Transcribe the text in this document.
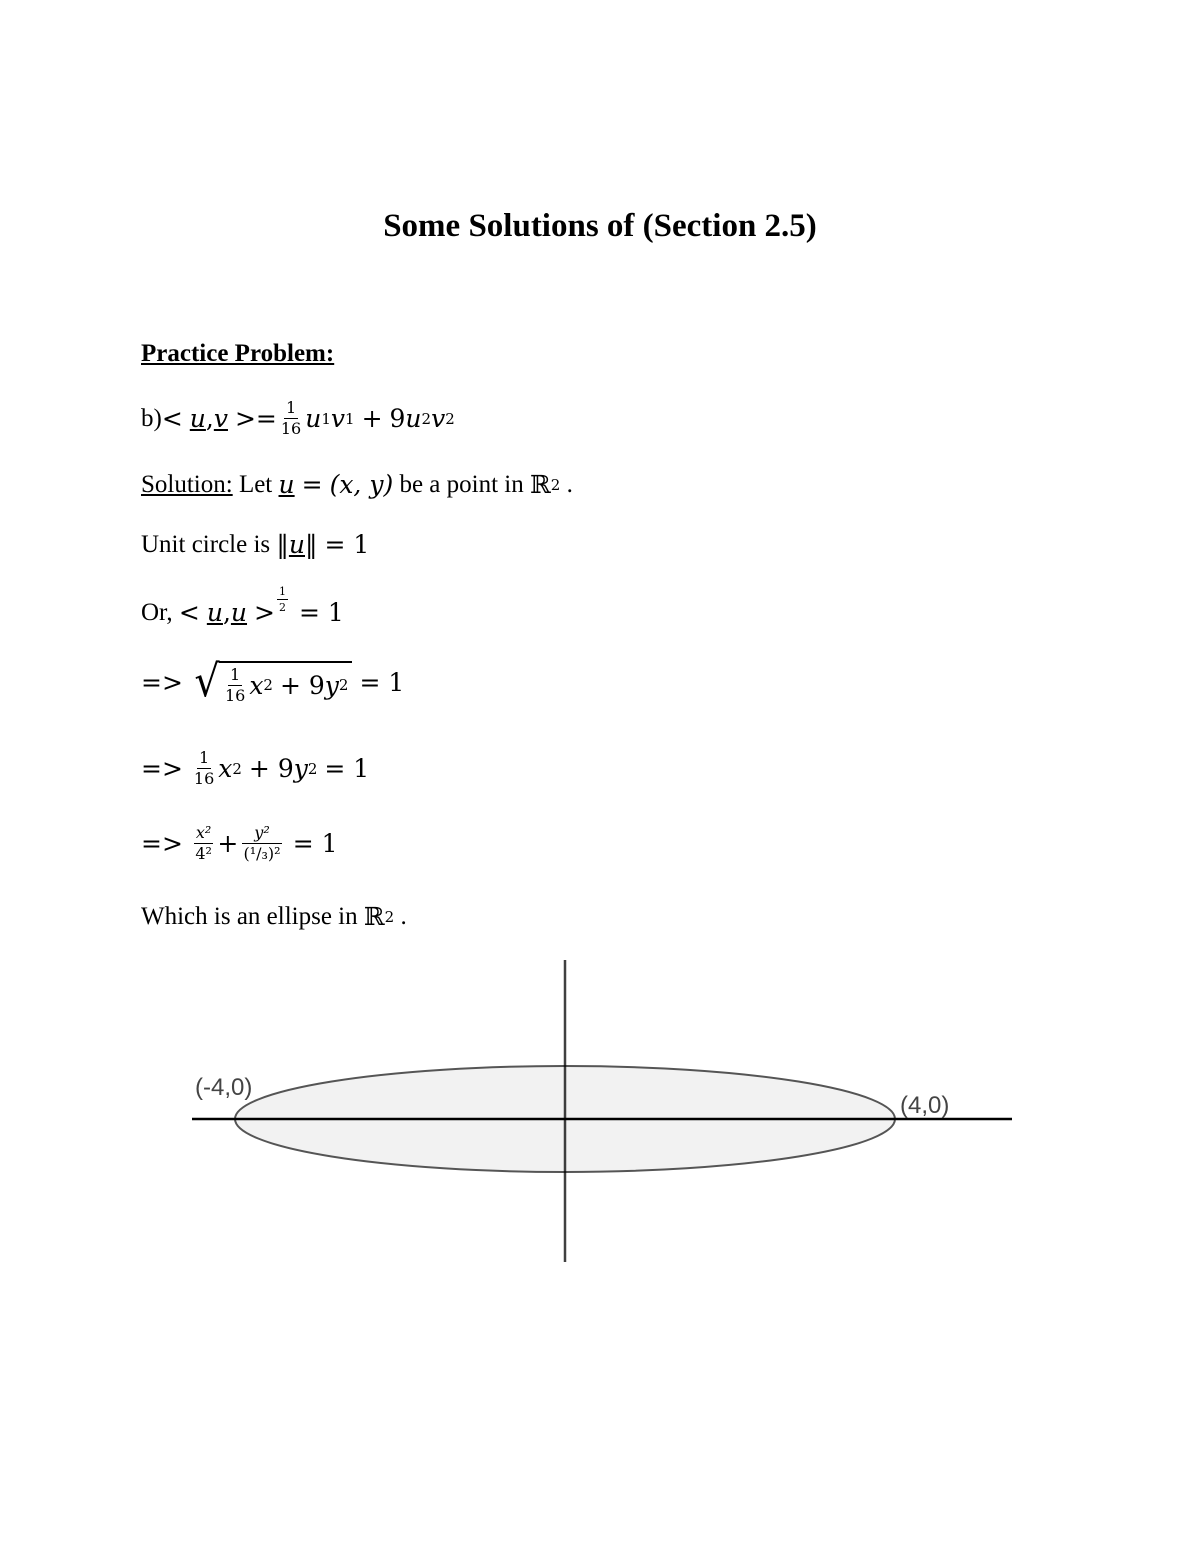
Some Solutions of (Section 2.5)
Practice Problem:
b) < u , $v >= \frac{1}{16}$ u 1 v 1 + 9 u 2 v 2
Solution: Let u = (x, y) be a point in ℝ 2 .
Unit circle is ‖ u ‖ = 1
Or, < u , $u > \frac{1}{2} = 1$
=> √ $\frac{1}{16}$ x 2 + 9 y 2 = 1
=> $\frac{1}{16}$ x 2 + 9 y 2 = 1
=> $\frac{\text{x²}}{\text{4²}} + \frac{\text{y²}}{\text{(¹/₃)²}} = 1$
Which is an ellipse in ℝ 2 .
(-4,0)
(4,0)
